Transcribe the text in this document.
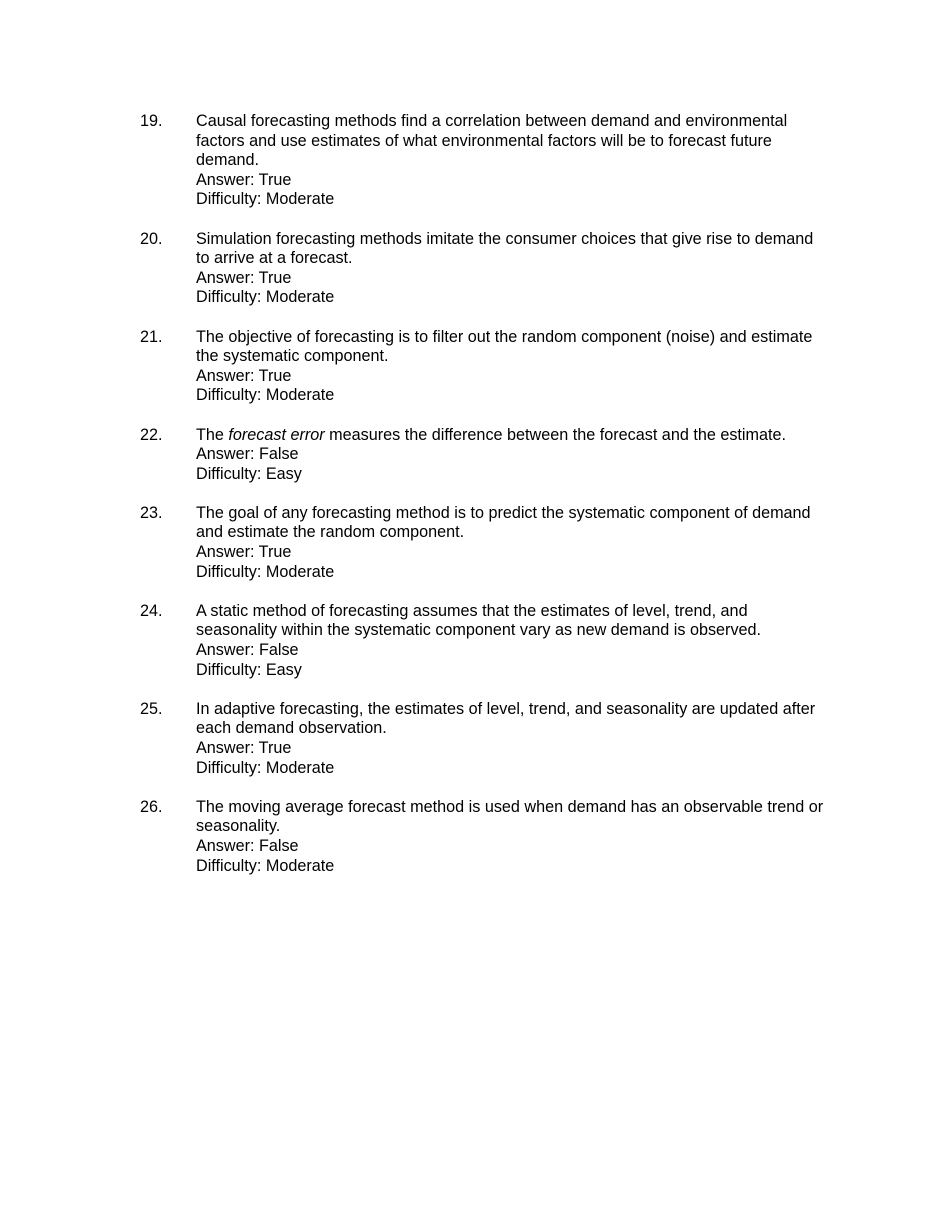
19.	Causal forecasting methods find a correlation between demand and environmental factors and use estimates of what environmental factors will be to forecast future demand.

Answer: True

Difficulty: Moderate

20.	Simulation forecasting methods imitate the consumer choices that give rise to demand to arrive at a forecast.

Answer: True

Difficulty: Moderate

21.	The objective of forecasting is to filter out the random component (noise) and estimate the systematic component.

Answer: True

Difficulty: Moderate

22.	The forecast error measures the difference between the forecast and the estimate.

Answer: False

Difficulty: Easy

23.	The goal of any forecasting method is to predict the systematic component of demand and estimate the random component.

Answer: True

Difficulty: Moderate

24.	A static method of forecasting assumes that the estimates of level, trend, and seasonality within the systematic component vary as new demand is observed.

Answer: False

Difficulty: Easy

25.	In adaptive forecasting, the estimates of level, trend, and seasonality are updated after each demand observation.

Answer: True

Difficulty: Moderate

26.	The moving average forecast method is used when demand has an observable trend or seasonality.

Answer: False

Difficulty: Moderate
